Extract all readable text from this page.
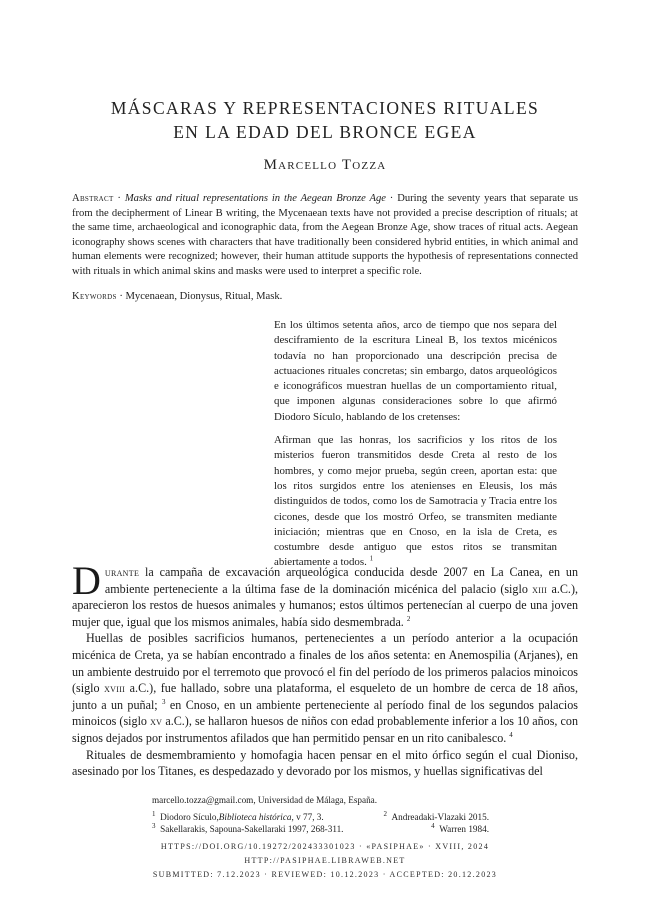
MÁSCARAS Y REPRESENTACIONES RITUALES
EN LA EDAD DEL BRONCE EGEA
Marcello Tozza
Abstract · Masks and ritual representations in the Aegean Bronze Age · During the seventy years that separate us from the decipherment of Linear B writing, the Mycenaean texts have not provided a precise description of rituals; at the same time, archaeological and iconographic data, from the Aegean Bronze Age, show traces of ritual acts. Aegean iconography shows scenes with characters that have traditionally been considered hybrid entities, in which animal and human elements were recognized; however, their human attitude supports the hypothesis of representations connected with rituals in which animal skins and masks were used to interpret a specific role.
Keywords · Mycenaean, Dionysus, Ritual, Mask.

En los últimos setenta años, arco de tiempo que nos separa del desciframiento de la escritura Lineal B, los textos micénicos todavía no han proporcionado una descripción precisa de actuaciones rituales concretas; sin embargo, datos arqueológicos e iconográficos muestran huellas de un comportamiento ritual, que imponen algunas consideraciones sobre lo que afirmó Diodoro Sículo, hablando de los cretenses:

Afirman que las honras, los sacrificios y los ritos de los misterios fueron transmitidos desde Creta al resto de los hombres, y como mejor prueba, según creen, aportan esta: que los ritos surgidos entre los atenienses en Eleusis, los más distinguidos de todos, como los de Samotracia y Tracia entre los cicones, desde que los mostró Orfeo, se transmiten mediante iniciación; mientras que en Cnoso, en la isla de Creta, es costumbre desde antiguo que estos ritos se transmitan abiertamente a todos. $^1$

Durante la campaña de excavación arqueológica conducida desde 2007 en La Canea, en un ambiente perteneciente a la última fase de la dominación micénica del palacio (siglo xiii a.C.), aparecieron los restos de huesos animales y humanos; estos últimos pertenecían al cuerpo de una joven mujer que, igual que los mismos animales, había sido desmembrada. $^2$

Huellas de posibles sacrificios humanos, pertenecientes a un período anterior a la ocupación micénica de Creta, ya se habían encontrado a finales de los años setenta: en Anemospilia (Arjanes), en un ambiente destruido por el terremoto que provocó el fin del período de los primeros palacios minoicos (siglo xviii a.C.), fue hallado, sobre una plataforma, el esqueleto de un hombre de cerca de 18 años, junto a un puñal; $^3$ en Cnoso, en un ambiente perteneciente al período final de los segundos palacios minoicos (siglo xv a.C.), se hallaron huesos de niños con edad probablemente inferior a los 10 años, con signos dejados por instrumentos afilados que han permitido pensar en un rito canibalesco. $^4$

Rituales de desmembramiento y homofagia hacen pensar en el mito órfico según el cual Dioniso, asesinado por los Titanes, es despedazado y devorado por los mismos, y huellas significativas del

marcello.tozza@gmail.com, Universidad de Málaga, España.
$^1$ Diodoro Sículo,Biblioteca histórica, v 77, 3.	$^2$ Andreadaki-Vlazaki 2015.
$^3$ Sakellarakis, Sapouna-Sakellaraki 1997, 268-311.	$^4$ Warren 1984.
HTTPS://DOI.ORG/10.19272/202433301023 · «PASIPHAE» · XVIII, 2024
HTTP://PASIPHAE.LIBRAWEB.NET
SUBMITTED: 7.12.2023 · REVIEWED: 10.12.2023 · ACCEPTED: 20.12.2023
